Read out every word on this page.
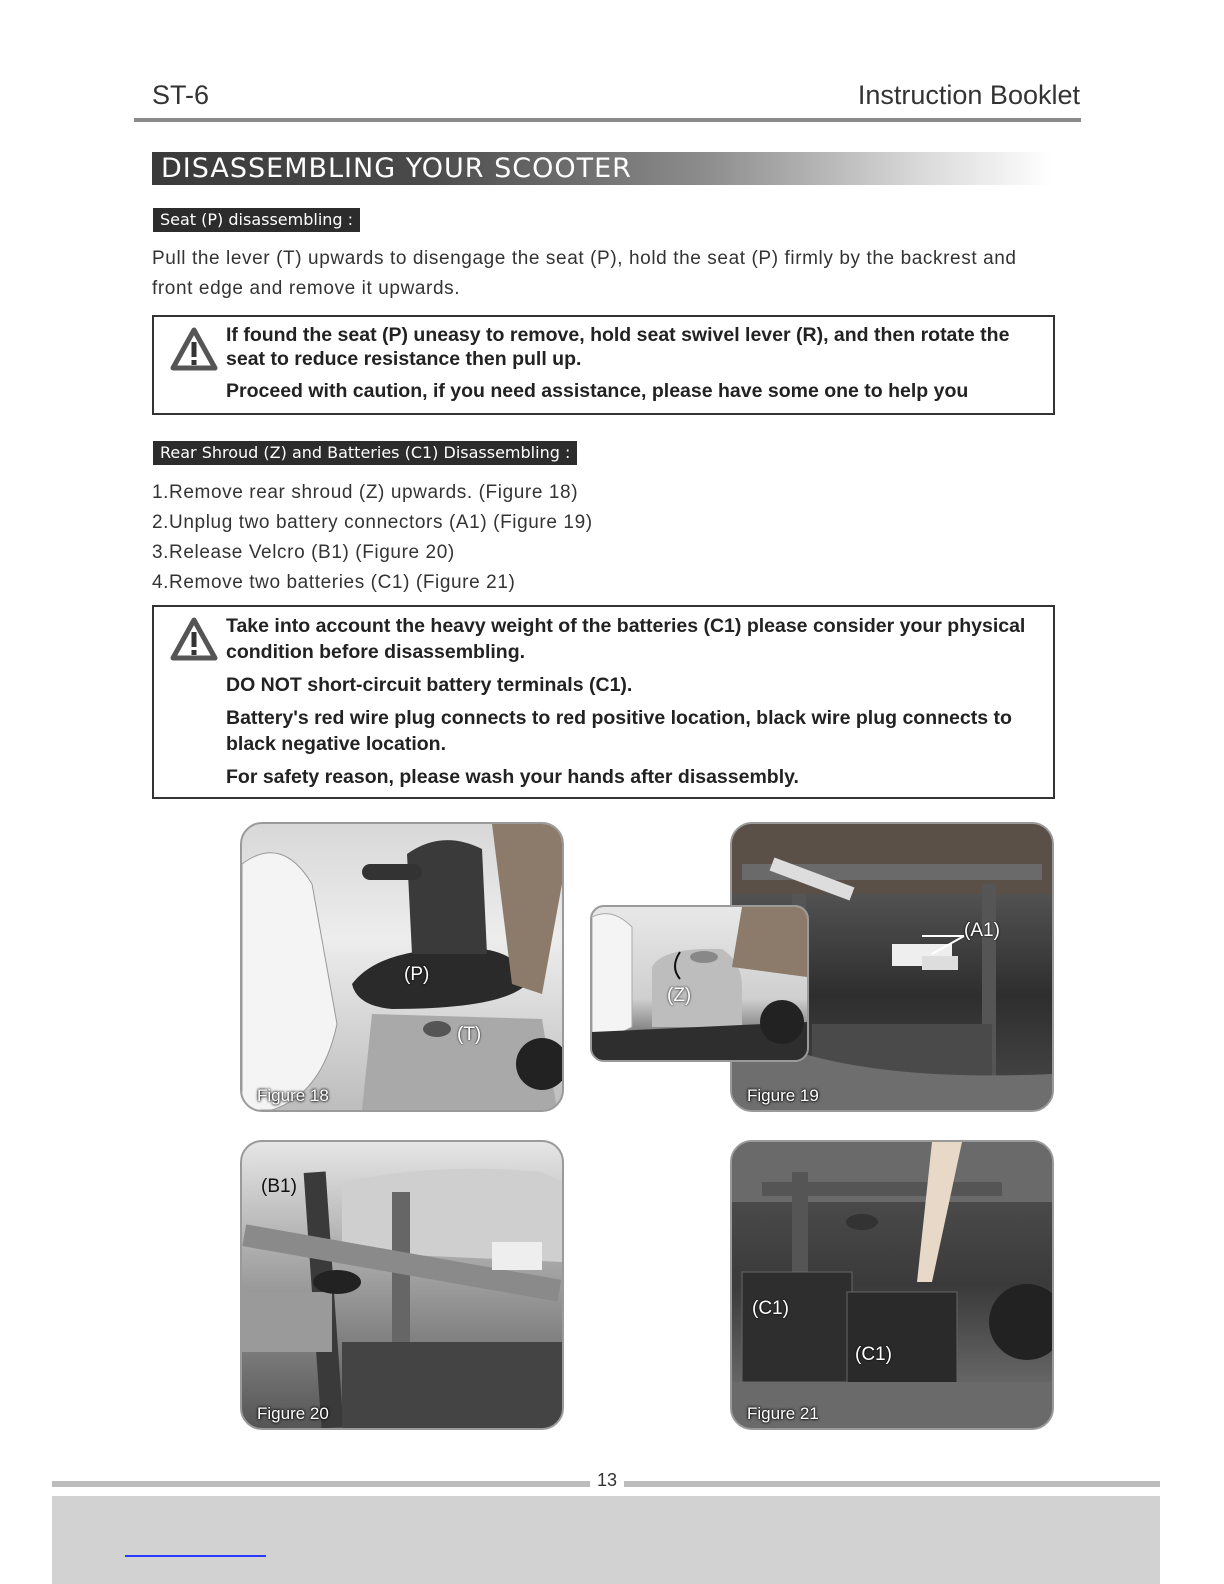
ST-6	Instruction Booklet
DISASSEMBLING YOUR SCOOTER
Seat (P) disassembling :
Pull the lever (T) upwards to disengage the seat (P), hold the seat (P) firmly by the backrest and front edge and remove it upwards.

If found the seat (P) uneasy to remove, hold seat swivel lever (R), and then rotate the seat to reduce resistance then pull up.

Proceed with caution, if you need assistance, please have some one to help you

Rear Shroud (Z) and Batteries (C1) Disassembling :
1.Remove rear shroud (Z) upwards. (Figure 18)
2.Unplug two battery connectors (A1) (Figure 19)
3.Release Velcro (B1) (Figure 20)
4.Remove two batteries (C1) (Figure 21)

Take into account the heavy weight of the batteries (C1) please consider your physical condition before disassembling.

DO NOT short-circuit battery terminals (C1).

Battery's red wire plug connects to red positive location, black wire plug connects to black negative location.

For safety reason, please wash your hands after disassembly.

(P)
(T)
Figure 18
(A1)
Figure 19
(Z)
(B1)
Figure 20
(C1)
(C1)
Figure 21
13
